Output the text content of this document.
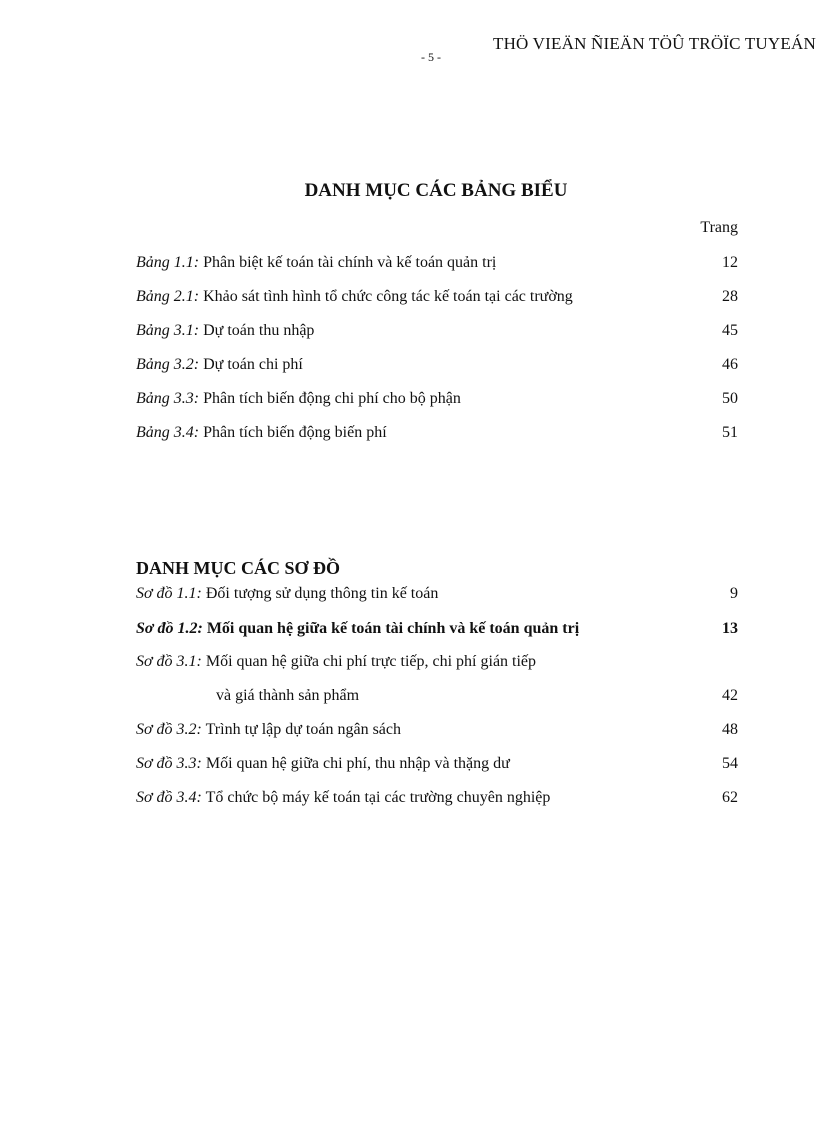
THÖ VIEÄN ÑIEÄN TÖÛ TRÖÏC TUYEÁN
- 5 -
DANH MỤC CÁC BẢNG BIỂU
Trang
Bảng 1.1: Phân biệt kế toán tài chính và kế toán quản trị	12
Bảng 2.1: Khảo sát tình hình tổ chức công tác kế toán tại các trường	28
Bảng 3.1: Dự toán thu nhập	45
Bảng 3.2: Dự toán chi phí	46
Bảng 3.3: Phân tích biến động chi phí cho bộ phận	50
Bảng 3.4: Phân tích biến động biến phí	51
DANH MỤC CÁC SƠ ĐỒ
Sơ đồ 1.1: Đối tượng sử dụng thông tin kế toán	9
Sơ đồ 1.2: Mối quan hệ giữa kế toán tài chính và kế toán quản trị	13
Sơ đồ 3.1: Mối quan hệ giữa chi phí trực tiếp, chi phí gián tiếp
và giá thành sản phẩm	42
Sơ đồ 3.2: Trình tự lập dự toán ngân sách	48
Sơ đồ 3.3: Mối quan hệ giữa chi phí, thu nhập và thặng dư	54
Sơ đồ 3.4: Tổ chức bộ máy kế toán tại các trường chuyên nghiệp	62
